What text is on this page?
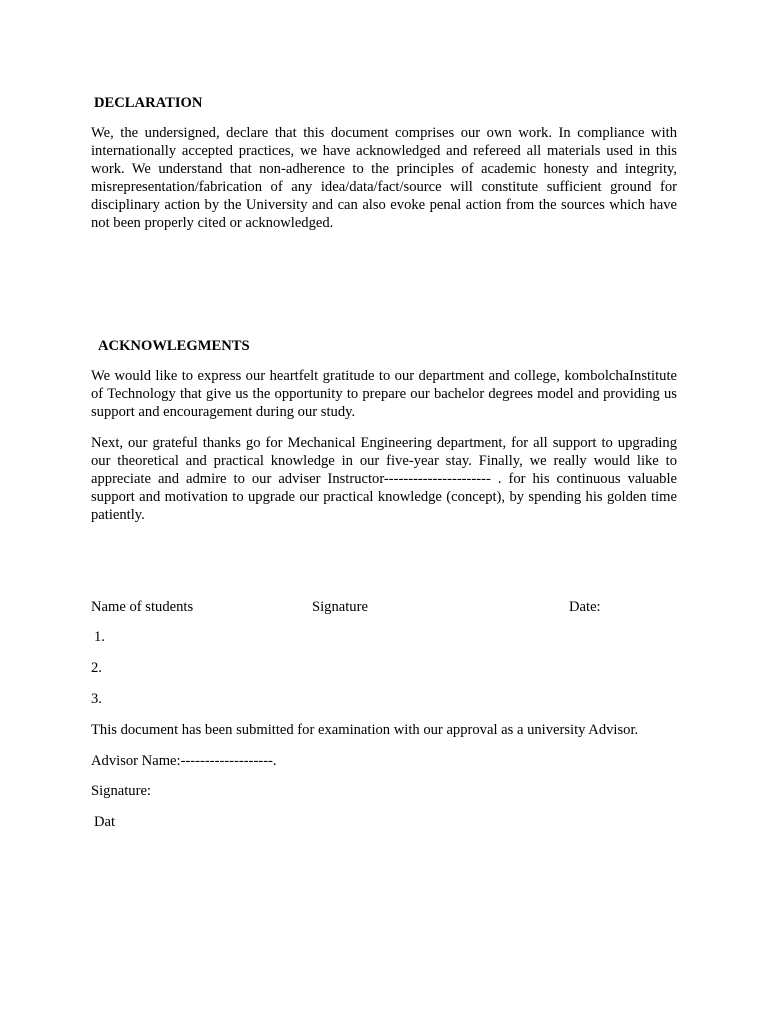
DECLARATION

We, the undersigned, declare that this document comprises our own work. In compliance with internationally accepted practices, we have acknowledged and refereed all materials used in this work. We understand that non-adherence to the principles of academic honesty and integrity, misrepresentation/fabrication of any idea/data/fact/source will constitute sufficient ground for disciplinary action by the University and can also evoke penal action from the sources which have not been properly cited or acknowledged.

ACKNOWLEGMENTS

We would like to express our heartfelt gratitude to our department and college, kombolchaInstitute of Technology that give us the opportunity to prepare our bachelor degrees model and providing us support and encouragement during our study.

Next, our grateful thanks go for Mechanical Engineering department, for all support to upgrading our theoretical and practical knowledge in our five-year stay. Finally, we really would like to appreciate and admire to our adviser Instructor---------------------- . for his continuous valuable support and motivation to upgrade our practical knowledge (concept), by spending his golden time patiently.

Name of students	Signature	Date:
1.
2.
3.
This document has been submitted for examination with our approval as a university Advisor.
Advisor Name:-------------------.
Signature:
Dat
